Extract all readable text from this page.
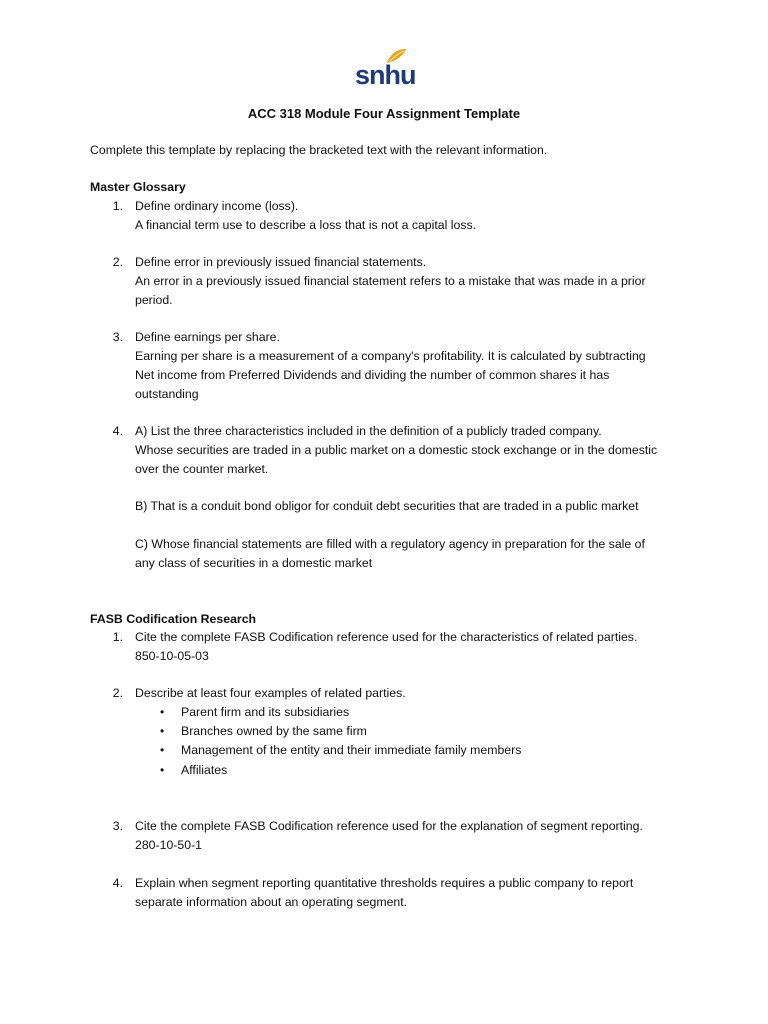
snhu
ACC 318 Module Four Assignment Template
Complete this template by replacing the bracketed text with the relevant information.
Master Glossary
1. Define ordinary income (loss).
A financial term use to describe a loss that is not a capital loss.
2. Define error in previously issued financial statements.
An error in a previously issued financial statement refers to a mistake that was made in a prior
period.
3. Define earnings per share.
Earning per share is a measurement of a company's profitability. It is calculated by subtracting
Net income from Preferred Dividends and dividing the number of common shares it has
outstanding
4. A) List the three characteristics included in the definition of a publicly traded company.
Whose securities are traded in a public market on a domestic stock exchange or in the domestic
over the counter market.
B) That is a conduit bond obligor for conduit debt securities that are traded in a public market
C) Whose financial statements are filled with a regulatory agency in preparation for the sale of
any class of securities in a domestic market
FASB Codification Research
1. Cite the complete FASB Codification reference used for the characteristics of related parties.
850-10-05-03
2. Describe at least four examples of related parties.
• Parent firm and its subsidiaries
• Branches owned by the same firm
• Management of the entity and their immediate family members
• Affiliates
3. Cite the complete FASB Codification reference used for the explanation of segment reporting.
280-10-50-1
4. Explain when segment reporting quantitative thresholds requires a public company to report
separate information about an operating segment.
